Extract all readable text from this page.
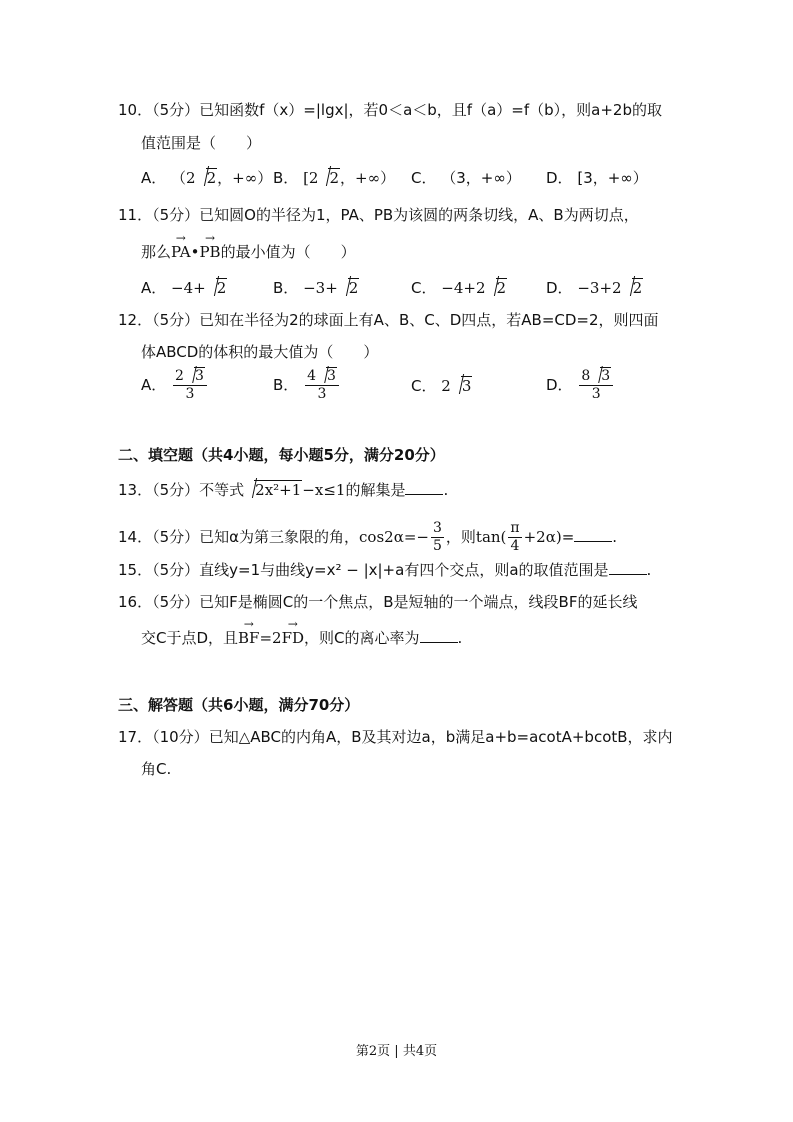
10．（5分）已知函数f（x）=|lgx|，若0＜a＜b，且f（a）=f（b），则a+2b的取
值范围是（　　）
A． （2 2，+∞） B． [2 2，+∞） C． （3，+∞） D． [3，+∞）
11．（5分）已知圆O的半径为1，PA、PB为该圆的两条切线，A、B为两切点，
那么→ PA•→ PB的最小值为（　　）
A． −4+ 2	B． −3+ 2	C． −4+2 2	D． −3+2 2
12．（5分）已知在半径为2的球面上有A、B、C、D四点，若AB=CD=2，则四面
体ABCD的体积的最大值为（　　）
A． $\frac{2 3}{3}$	B． $\frac{4 3}{3}$	C． 2 3	D． $\frac{8 3}{3}$
二、填空题（共4小题，每小题5分，满分20分）
13．（5分）不等式 2x²+1−x≤1的解集是	.
14．（5分）已知α为第三象限的角，$\cos 2\alpha=- \frac{3}{5}$ ，则$\tan( \frac{\pi}{4} +2\alpha)=$	.
15．（5分）直线y=1与曲线y=x² − |x|+a有四个交点，则a的取值范围是	.
16．（5分）已知F是椭圆C的一个焦点，B是短轴的一个端点，线段BF的延长线
交C于点D，且→ BF=2→ FD，则C的离心率为	.
三、解答题（共6小题，满分70分）
17．（10分）已知△ABC的内角A，B及其对边a，b满足a+b=acotA+bcotB，求内
角C.
第2页 | 共4页
